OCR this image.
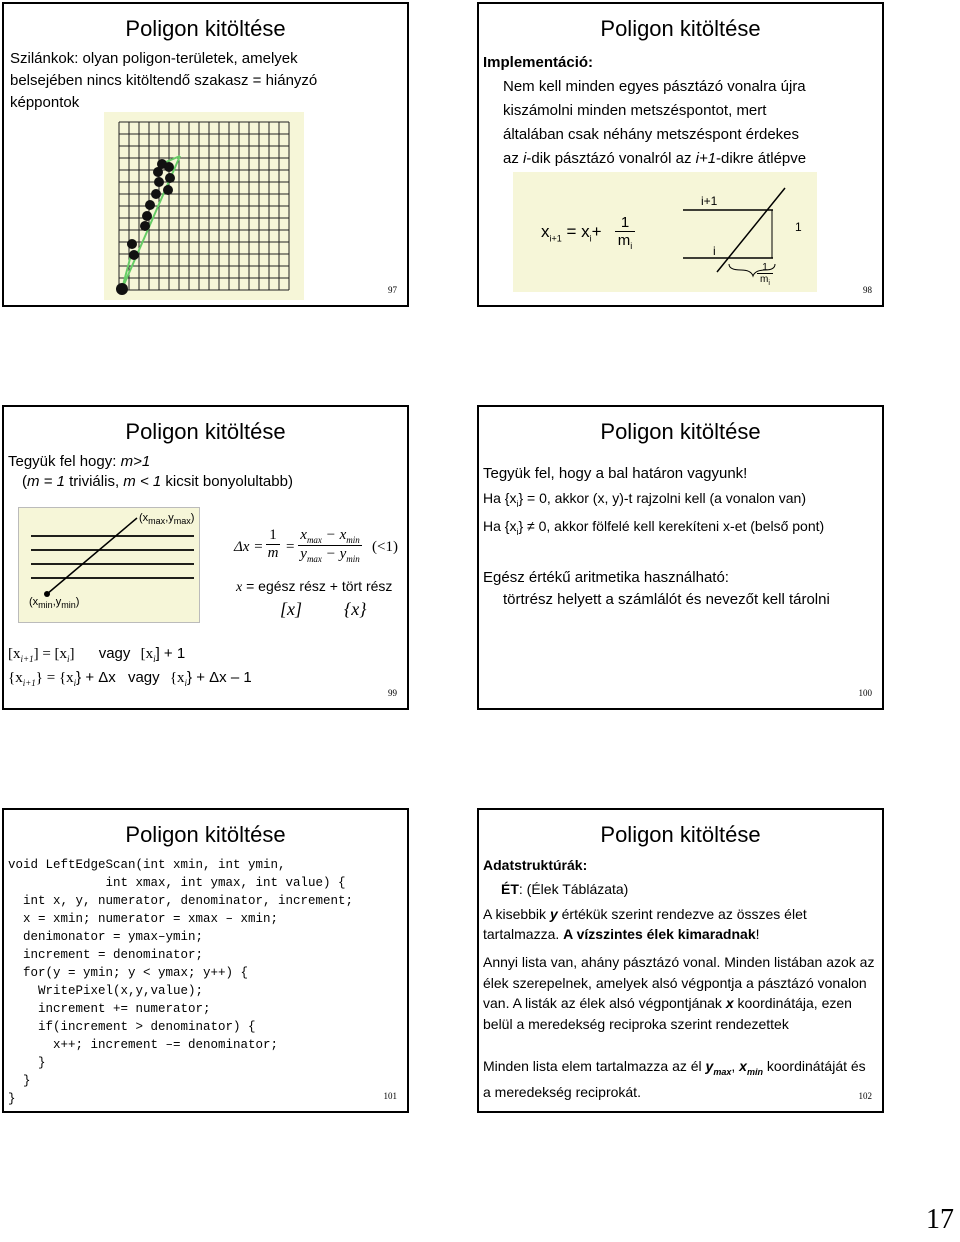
Poligon kitöltése
Szilánkok: olyan poligon-területek, amelyek belsejében nincs kitöltendő szakasz = hiányzó képpontok
97
Poligon kitöltése
Implementáció:
Nem kell minden egyes pásztázó vonalra újra
kiszámolni minden metszéspontot, mert
általában csak néhány metszéspont érdekes
az i-dik pásztázó vonalról az i+1-dikre átlépve
$x_{i+1} = x_i+$	1
$m_i$
i+1
i
1
1
$m_i$
98
Poligon kitöltése
Tegyük fel hogy: m>1
(m = 1 triviális, m < 1 kicsit bonyolultabb)
$(x_{max},y_{max})$
$(x_{min},y_{min})$
Δx =
1
m =
$x_{max} - x_{min}$
$y_{max} - y_{min}$
(<1)
x = egész rész + tört rész
[x] {x}
$[x_{i+1}] = [x_i]$ vagy $[x_i] + 1$
$\{x_{i+1}\} = \{x_i\} + \Delta x$ vagy $\{x_i\} + \Delta x - 1$
99
Poligon kitöltése
Tegyük fel, hogy a bal határon vagyunk!
Ha $\{x_i\} = 0$, akkor (x, y)-t rajzolni kell (a vonalon van)
Ha $\{x_i\} \ne 0$, akkor fölfelé kell kerekíteni x-et (belső pont)
Egész értékű aritmetika használható:
törtrész helyett a számlálót és nevezőt kell tárolni
100
Poligon kitöltése
void LeftEdgeScan(int xmin, int ymin,
int xmax, int ymax, int value) {
int x, y, numerator, denominator, increment;
x = xmin; numerator = xmax – xmin;
denimonator = ymax–ymin;
increment = denominator;
for(y = ymin; y < ymax; y++) {
WritePixel(x,y,value);
increment += numerator;
if(increment > denominator) {
x++; increment –= denominator;
}
}
}	101
Poligon kitöltése
Adatstruktúrák:
ÉT: (Élek Táblázata)
A kisebbik y értékük szerint rendezve az összes élet tartalmazza. A vízszintes élek kimaradnak!
Annyi lista van, ahány pásztázó vonal. Minden listában azok az élek szerepelnek, amelyek alsó végpontja a pásztázó vonalon van. A listák az élek alsó végpontjának x koordinátája, ezen belül a meredekség reciproka szerint rendezettek
Minden lista elem tartalmazza az él $y_{max}$, $x_{min}$ koordinátáját és a meredekség reciprokát.	102
17
